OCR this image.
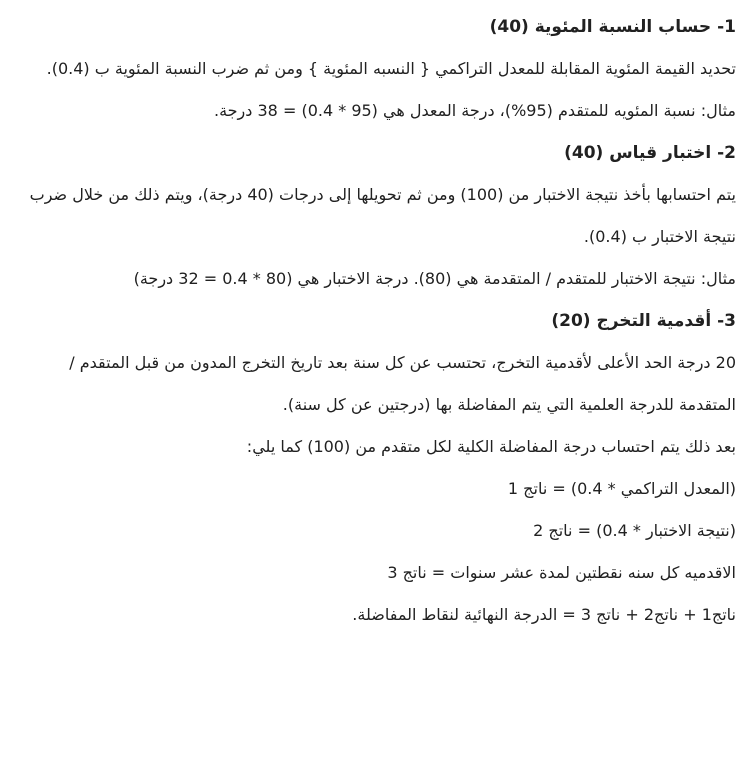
1- حساب النسبة المئوية (40)

تحديد القيمة المئوية المقابلة للمعدل التراكمي { النسبه المئوية } ومن ثم ضرب النسبة المئوية ب (0.4).

مثال: نسبة المئويه للمتقدم (95%)، درجة المعدل هي (95 * 0.4) = 38 درجة.

2- اختبار قياس (40)

يتم احتسابها بأخذ نتيجة الاختبار من (100) ومن ثم تحويلها إلى درجات (40 درجة)، ويتم ذلك من خلال ضرب نتيجة الاختبار ب (0.4).

مثال: نتيجة الاختبار للمتقدم / المتقدمة هي (80). درجة الاختبار هي (80 * 0.4 = 32 درجة)

3- أقدمية التخرج (20)

20 درجة الحد الأعلى لأقدمية التخرج، تحتسب عن كل سنة بعد تاريخ التخرج المدون من قبل المتقدم / المتقدمة للدرجة العلمية التي يتم المفاضلة بها (درجتين عن كل سنة).

بعد ذلك يتم احتساب درجة المفاضلة الكلية لكل متقدم من (100) كما يلي:

(المعدل التراكمي * 0.4) = ناتج 1

(نتيجة الاختبار * 0.4) = ناتج 2

الاقدميه كل سنه نقطتين لمدة عشر سنوات = ناتج 3

ناتج1 + ناتج2 + ناتج 3 = الدرجة النهائية لنقاط المفاضلة.
